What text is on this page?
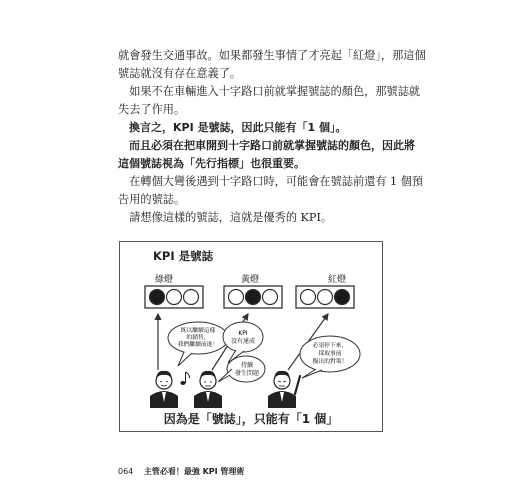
就會發生交通事故。如果都發生事情了才亮起「紅燈」，那這個

號誌就沒有存在意義了。

　如果不在車輛進入十字路口前就掌握號誌的顏色，那號誌就

失去了作用。

　換言之，KPI 是號誌，因此只能有「1 個」。

　而且必須在把車開到十字路口前就掌握號誌的顏色，因此將

這個號誌視為「先行指標」也很重要。

　在轉個大彎後遇到十字路口時，可能會在號誌前還有 1 個預

告用的號誌。

　請想像這樣的號誌，這就是優秀的 KPI。

KPI 是號誌
綠燈	黃燈	紅燈
既以繼續這樣
的銷售，
我們繼續前進！
KPI
沒有達成
持續
發生問題
必須停下來，
採取事前
擬出的對策！
因為是「號誌」，只能有「1 個」
064 主管必看！最強 KPI 管理術
